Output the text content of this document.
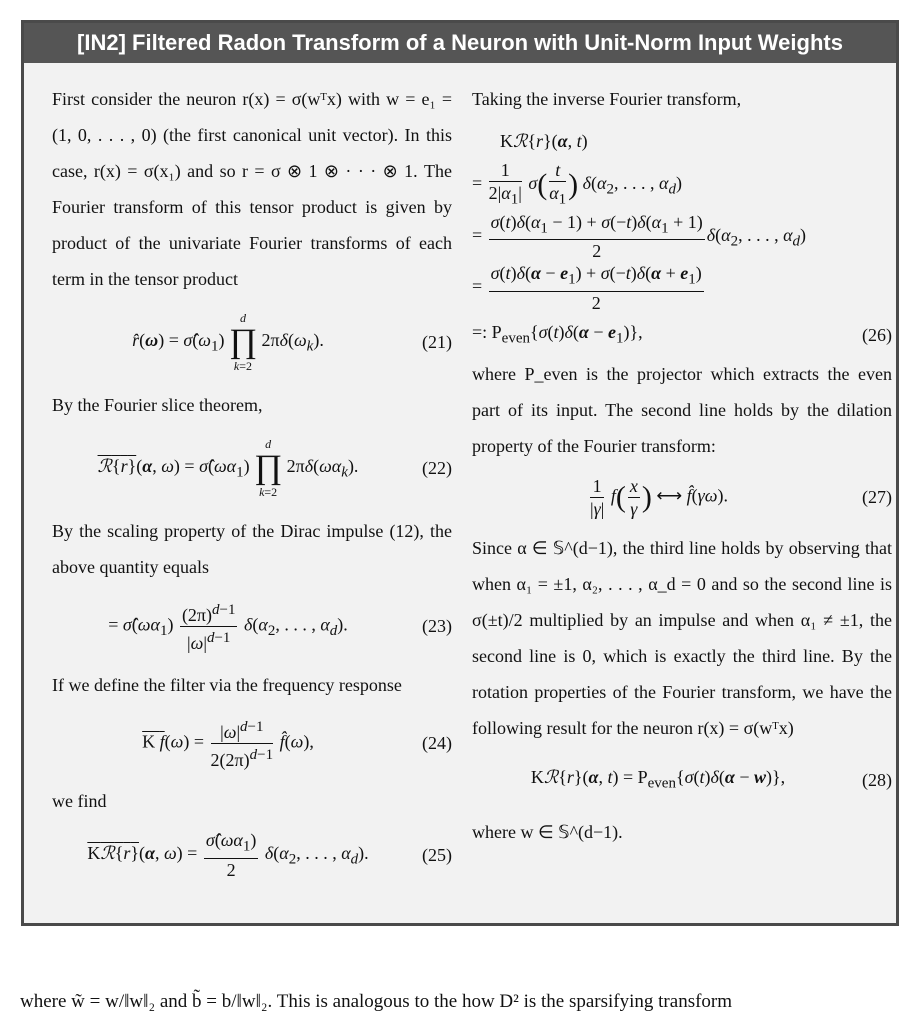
[IN2] Filtered Radon Transform of a Neuron with Unit-Norm Input Weights

First consider the neuron r(x) = σ(wᵀx) with w = e₁ = (1, 0, . . . , 0) (the first canonical unit vector). In this case, r(x) = σ(x₁) and so r = σ ⊗ 1 ⊗ · · · ⊗ 1. The Fourier transform of this tensor product is given by product of the univariate Fourier transforms of each term in the tensor product

r̂(ω) = $\sigmâ(\omega_1)$
d
∏
k=2
$2\pi\delta(\omega_k)$.	(21)

By the Fourier slice theorem,

ℛ{r}(α, $\omega) = \sigmâ(\omega\alpha_1)$
d
∏
k=2
$2\pi\delta(\omega\alpha_k)$.	(22)

By the scaling property of the Dirac impulse (12), the above quantity equals

= $\sigmâ(\omega\alpha_1) \frac{(2\pi)^{d-1}}{|\omega|^{d-1}} \delta(\alpha_2$, . . . , $\alpha_d$).	(23)

If we define the filter via the frequency response

K $f(\omega) = \frac{|\omega|^{d-1}}{2(2\pi)^{d-1}}$ f̂(ω),	(24)

we find

Kℛ{r}(α, $\omega) = \frac{\sigmâ(\omega\alpha_1)}{2} \delta(\alpha_2$, . . . , $\alpha_d$).	(25)

Taking the inverse Fourier transform,

Kℛ{r}(α, t)
= $\frac{1}{2|\alpha_1|} \sigma( \frac{t}{\alpha_1}$ ) $\delta(\alpha_2$, . . . , $\alpha_d$)
= $\frac{\sigma(t)\delta(\alpha_1 - 1) + \sigma(-t)\delta(\alpha_1 + 1)}{2} \delta(\alpha_2$, . . . , $\alpha_d$)
= $\frac{\sigma(t)\delta(\alpha - e_1) + \sigma(-t)\delta(\alpha + e_1)}{2}$
=: $P_{even}\{\sigma(t)\delta(\alpha - e_1)\}$,	(26)

where P_even is the projector which extracts the even part of its input. The second line holds by the dilation property of the Fourier transform:

$\frac{1}{|\gamma|} f( \frac{x}{\gamma}$ ) ⟷ f̂(γω).	(27)

Since α ∈ 𝕊^(d−1), the third line holds by observing that when α₁ = ±1, α₂, . . . , α_d = 0 and so the second line is σ(±t)/2 multiplied by an impulse and when α₁ ≠ ±1, the second line is 0, which is exactly the third line. By the rotation properties of the Fourier transform, we have the following result for the neuron r(x) = σ(wᵀx)

Kℛ{r}(α, $t) = P_{even}\{\sigma(t)\delta(\alpha - w)\}$,	(28)

where w ∈ 𝕊^(d−1).

where w̃ = w/‖w‖₂ and b̃ = b/‖w‖₂. This is analogous to the how D² is the sparsifying transform
